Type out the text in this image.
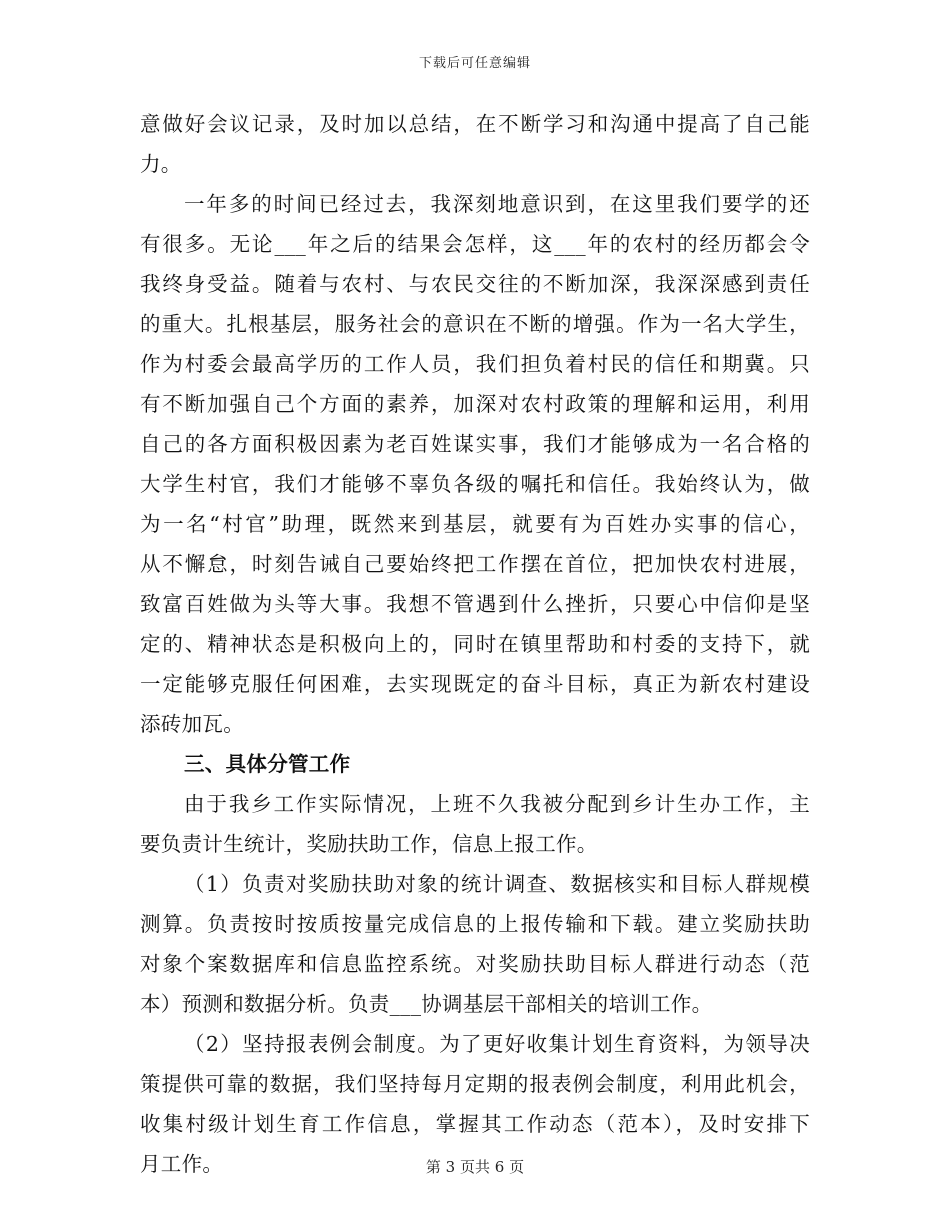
下载后可任意编辑
意做好会议记录，及时加以总结，在不断学习和沟通中提高了自己能
力。
一年多的时间已经过去，我深刻地意识到，在这里我们要学的还
有很多。无论___年之后的结果会怎样，这___年的农村的经历都会令
我终身受益。随着与农村、与农民交往的不断加深，我深深感到责任
的重大。扎根基层，服务社会的意识在不断的增强。作为一名大学生，
作为村委会最高学历的工作人员，我们担负着村民的信任和期冀。只
有不断加强自己个方面的素养，加深对农村政策的理解和运用，利用
自己的各方面积极因素为老百姓谋实事，我们才能够成为一名合格的
大学生村官，我们才能够不辜负各级的嘱托和信任。我始终认为，做
为一名“村官”助理，既然来到基层，就要有为百姓办实事的信心，
从不懈怠，时刻告诫自己要始终把工作摆在首位，把加快农村进展，
致富百姓做为头等大事。我想不管遇到什么挫折，只要心中信仰是坚
定的、精神状态是积极向上的，同时在镇里帮助和村委的支持下，就
一定能够克服任何困难，去实现既定的奋斗目标，真正为新农村建设
添砖加瓦。
三、具体分管工作
由于我乡工作实际情况，上班不久我被分配到乡计生办工作，主
要负责计生统计，奖励扶助工作，信息上报工作。
（1）负责对奖励扶助对象的统计调查、数据核实和目标人群规模
测算。负责按时按质按量完成信息的上报传输和下载。建立奖励扶助
对象个案数据库和信息监控系统。对奖励扶助目标人群进行动态（范
本）预测和数据分析。负责___协调基层干部相关的培训工作。
（2）坚持报表例会制度。为了更好收集计划生育资料，为领导决
策提供可靠的数据，我们坚持每月定期的报表例会制度，利用此机会，
收集村级计划生育工作信息，掌握其工作动态（范本），及时安排下
月工作。	第 3 页共 6 页
